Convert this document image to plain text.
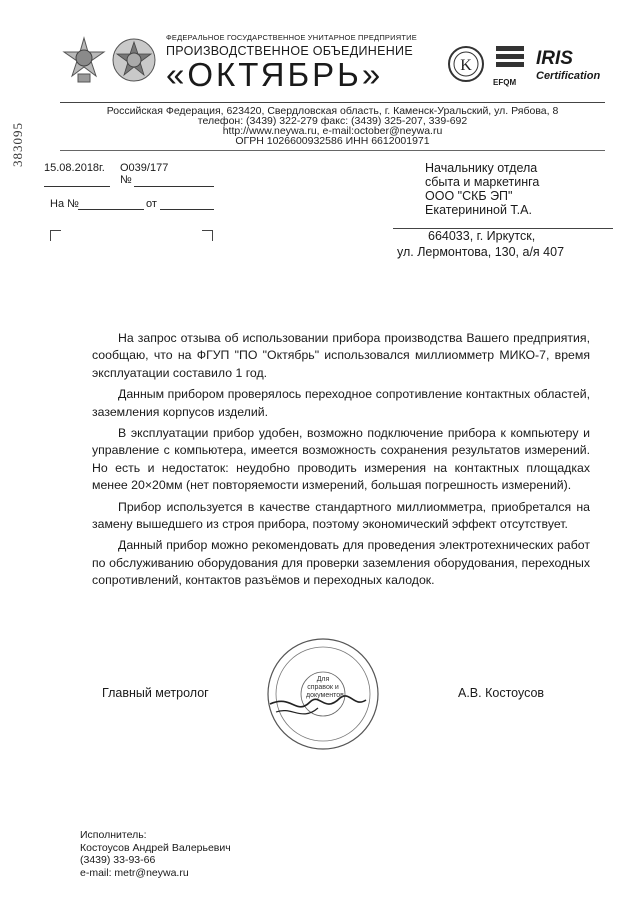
383095
ФЕДЕРАЛЬНОЕ ГОСУДАРСТВЕННОЕ УНИТАРНОЕ ПРЕДПРИЯТИЕ
ПРОИЗВОДСТВЕННОЕ ОБЪЕДИНЕНИЕ
«ОКТЯБРЬ»	K
EFQM
IRIS
Certification
Российская Федерация, 623420, Свердловская область, г. Каменск-Уральский, ул. Рябова, 8
телефон: (3439) 322-279 факс: (3439) 325-207, 339-692
http://www.neywa.ru, e-mail:october@neywa.ru
ОГРН 1026600932586 ИНН 6612001971
15.08.2018г. О039/177
№
На №	от
Начальнику отдела
сбыта и маркетинга
ООО "СКБ ЭП"
Екатерининой Т.А.
664033, г. Иркутск,
ул. Лермонтова, 130, а/я 407

На запрос отзыва об использовании прибора производства Вашего предприятия, сообщаю, что на ФГУП "ПО "Октябрь" использовался миллиомметр МИКО-7, время эксплуатации составило 1 год.

Данным прибором проверялось переходное сопротивление контактных областей, заземления корпусов изделий.

В эксплуатации прибор удобен, возможно подключение прибора к компьютеру и управление с компьютера, имеется возможность сохранения результатов измерений. Но есть и недостаток: неудобно проводить измерения на контактных площадках менее 20×20мм (нет повторяемости измерений, большая погрешность измерений).

Прибор используется в качестве стандартного миллиомметра, приобретался на замену вышедшего из строя прибора, поэтому экономический эффект отсутствует.

Данный прибор можно рекомендовать для проведения электротехнических работ по обслуживанию оборудования для проверки заземления оборудования, переходных сопротивлений, контактов разъёмов и переходных калодок.

Главный метролог
Для справок и документов	А.В. Костоусов
Исполнитель:
Костоусов Андрей Валерьевич
(3439) 33-93-66
e-mail: metr@neywa.ru
